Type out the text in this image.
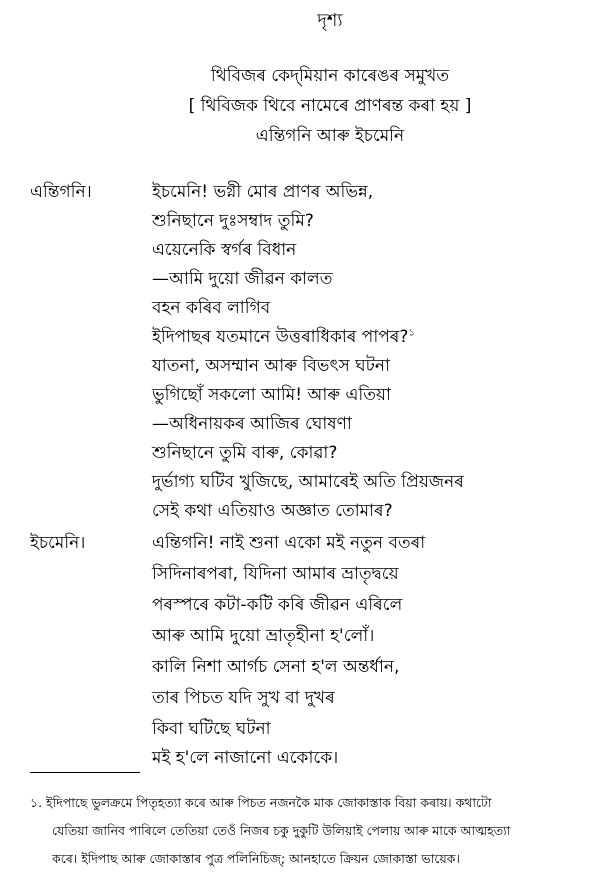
দৃশ্য
থিবিজৰ কেদ্‌মিয়ান কাৰেঙৰ সমুখত
[ থিবিজক থিবে নামেৰে প্ৰাণৰন্ত কৰা হয় ]
এন্তিগনি আৰু ইচমেনি
এন্তিগনি।	ইচমেনি! ভগ্নী মোৰ প্ৰাণৰ অভিন্ন,
শুনিছানে দুঃসম্বাদ তুমি?
এয়েনেকি স্বৰ্গৰ বিধান
—আমি দুয়ো জীৱন কালত
বহন কৰিব লাগিব
ইদিপাছৰ যতমানে উত্তৰাধিকাৰ পাপৰ?$^১$
যাতনা, অসম্মান আৰু বিভৎস ঘটনা
ভুগিছোঁ সকলো আমি! আৰু এতিয়া
—অধিনায়কৰ আজিৰ ঘোষণা
শুনিছানে তুমি বাৰু, কোৱা?
দুৰ্ভাগ্য ঘটিব খুজিছে, আমাৰেই অতি প্ৰিয়জনৰ
সেই কথা এতিয়াও অজ্ঞাত তোমাৰ?
ইচমেনি।	এন্তিগনি! নাই শুনা একো মই নতুন বতৰা
সিদিনাৰপৰা, যিদিনা আমাৰ ভ্ৰাতৃদ্বয়ে
পৰস্পৰে কটা-কটি কৰি জীৱন এৰিলে
আৰু আমি দুয়ো ভ্ৰাতৃহীনা হ'লোঁ।
কালি নিশা আৰ্গচ সেনা হ'ল অন্তৰ্ধান,
তাৰ পিচত যদি সুখ বা দুখৰ
কিবা ঘটিছে ঘটনা
মই হ'লে নাজানো একোকে।
১. ইদিপাছে ভুলক্ৰমে পিতৃহত্যা কৰে আৰু পিচত নজনকৈ মাক জোকাস্তাক বিয়া কৰায়। কথাটো
যেতিয়া জানিব পাৰিলে তেতিয়া তেওঁ নিজৰ চকু দুকুটি উলিয়াই পেলায় আৰু মাকে আত্মহত্যা
কৰে। ইদিপাছ আৰু জোকাস্তাৰ পুত্ৰ পলিনিচিজ্; আনহাতে ক্ৰিয়ন জোকাস্তা ভায়েক।
